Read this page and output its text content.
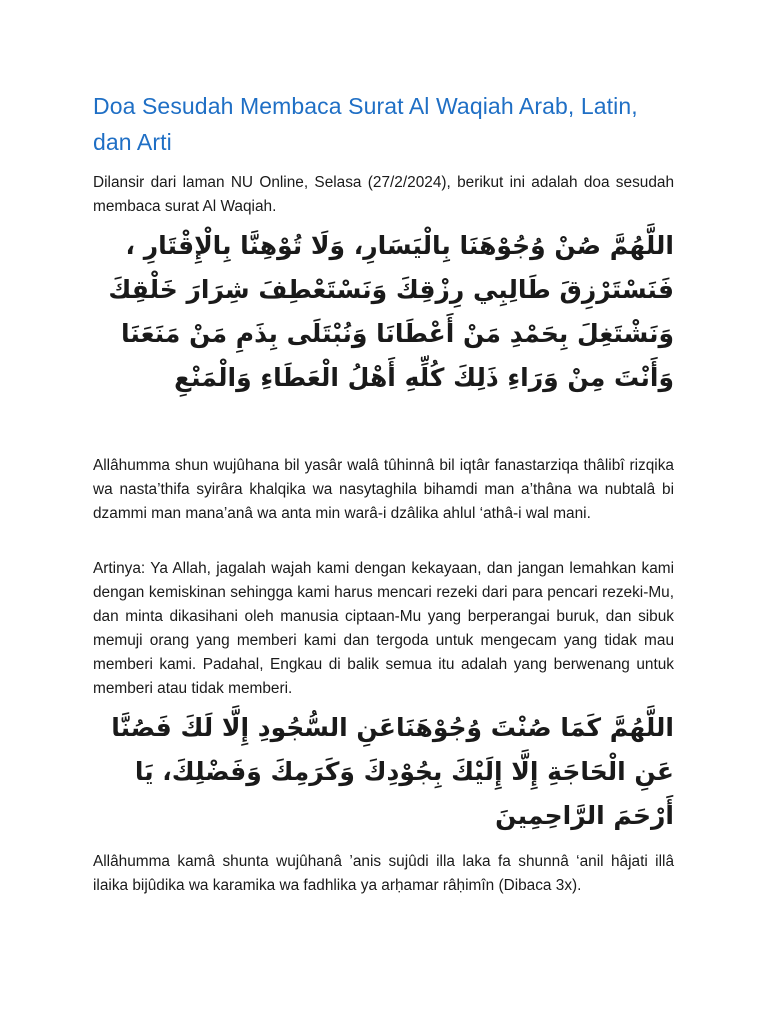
Doa Sesudah Membaca Surat Al Waqiah Arab, Latin, dan Arti

Dilansir dari laman NU Online, Selasa (27/2/2024), berikut ini adalah doa sesudah membaca surat Al Waqiah.

اللَّهُمَّ صُنْ وُجُوْهَنَا بِالْيَسَارِ، وَلَا تُوْهِنَّا بِالْإِقْتَارِ ، فَنَسْتَرْزِقَ طَالِبِي رِزْقِكَ وَنَسْتَعْطِفَ شِرَارَ خَلْقِكَ وَنَشْتَغِلَ بِحَمْدِ مَنْ أَعْطَانَا وَنُبْتَلَى بِذَمِ مَنْ مَنَعَنَا وَأَنْتَ مِنْ وَرَاءِ ذَلِكَ كُلِّهِ أَهْلُ الْعَطَاءِ وَالْمَنْعِ

Allâhumma shun wujûhana bil yasâr walâ tûhinnâ bil iqtâr fanastarziqa thâlibî rizqika wa nasta’thifa syirâra khalqika wa nasytaghila bihamdi man a’thâna wa nubtalâ bi dzammi man mana’anâ wa anta min warâ-i dzâlika ahlul ‘athâ-i wal mani.

Artinya: Ya Allah, jagalah wajah kami dengan kekayaan, dan jangan lemahkan kami dengan kemiskinan sehingga kami harus mencari rezeki dari para pencari rezeki-Mu, dan minta dikasihani oleh manusia ciptaan-Mu yang berperangai buruk, dan sibuk memuji orang yang memberi kami dan tergoda untuk mengecam yang tidak mau memberi kami. Padahal, Engkau di balik semua itu adalah yang berwenang untuk memberi atau tidak memberi.

اللَّهُمَّ كَمَا صُنْتَ وُجُوْهَنَاعَنِ السُّجُودِ إِلَّا لَكَ فَصُنَّا عَنِ الْحَاجَةِ إِلَّا إِلَيْكَ بِجُوْدِكَ وَكَرَمِكَ وَفَضْلِكَ، يَا أَرْحَمَ الرَّاحِمِينَ

Allâhumma kamâ shunta wujûhanâ ’anis sujûdi illa laka fa shunnâ ‘anil hâjati illâ ilaika bijûdika wa karamika wa fadhlika ya arḥamar râḥimîn (Dibaca 3x).
